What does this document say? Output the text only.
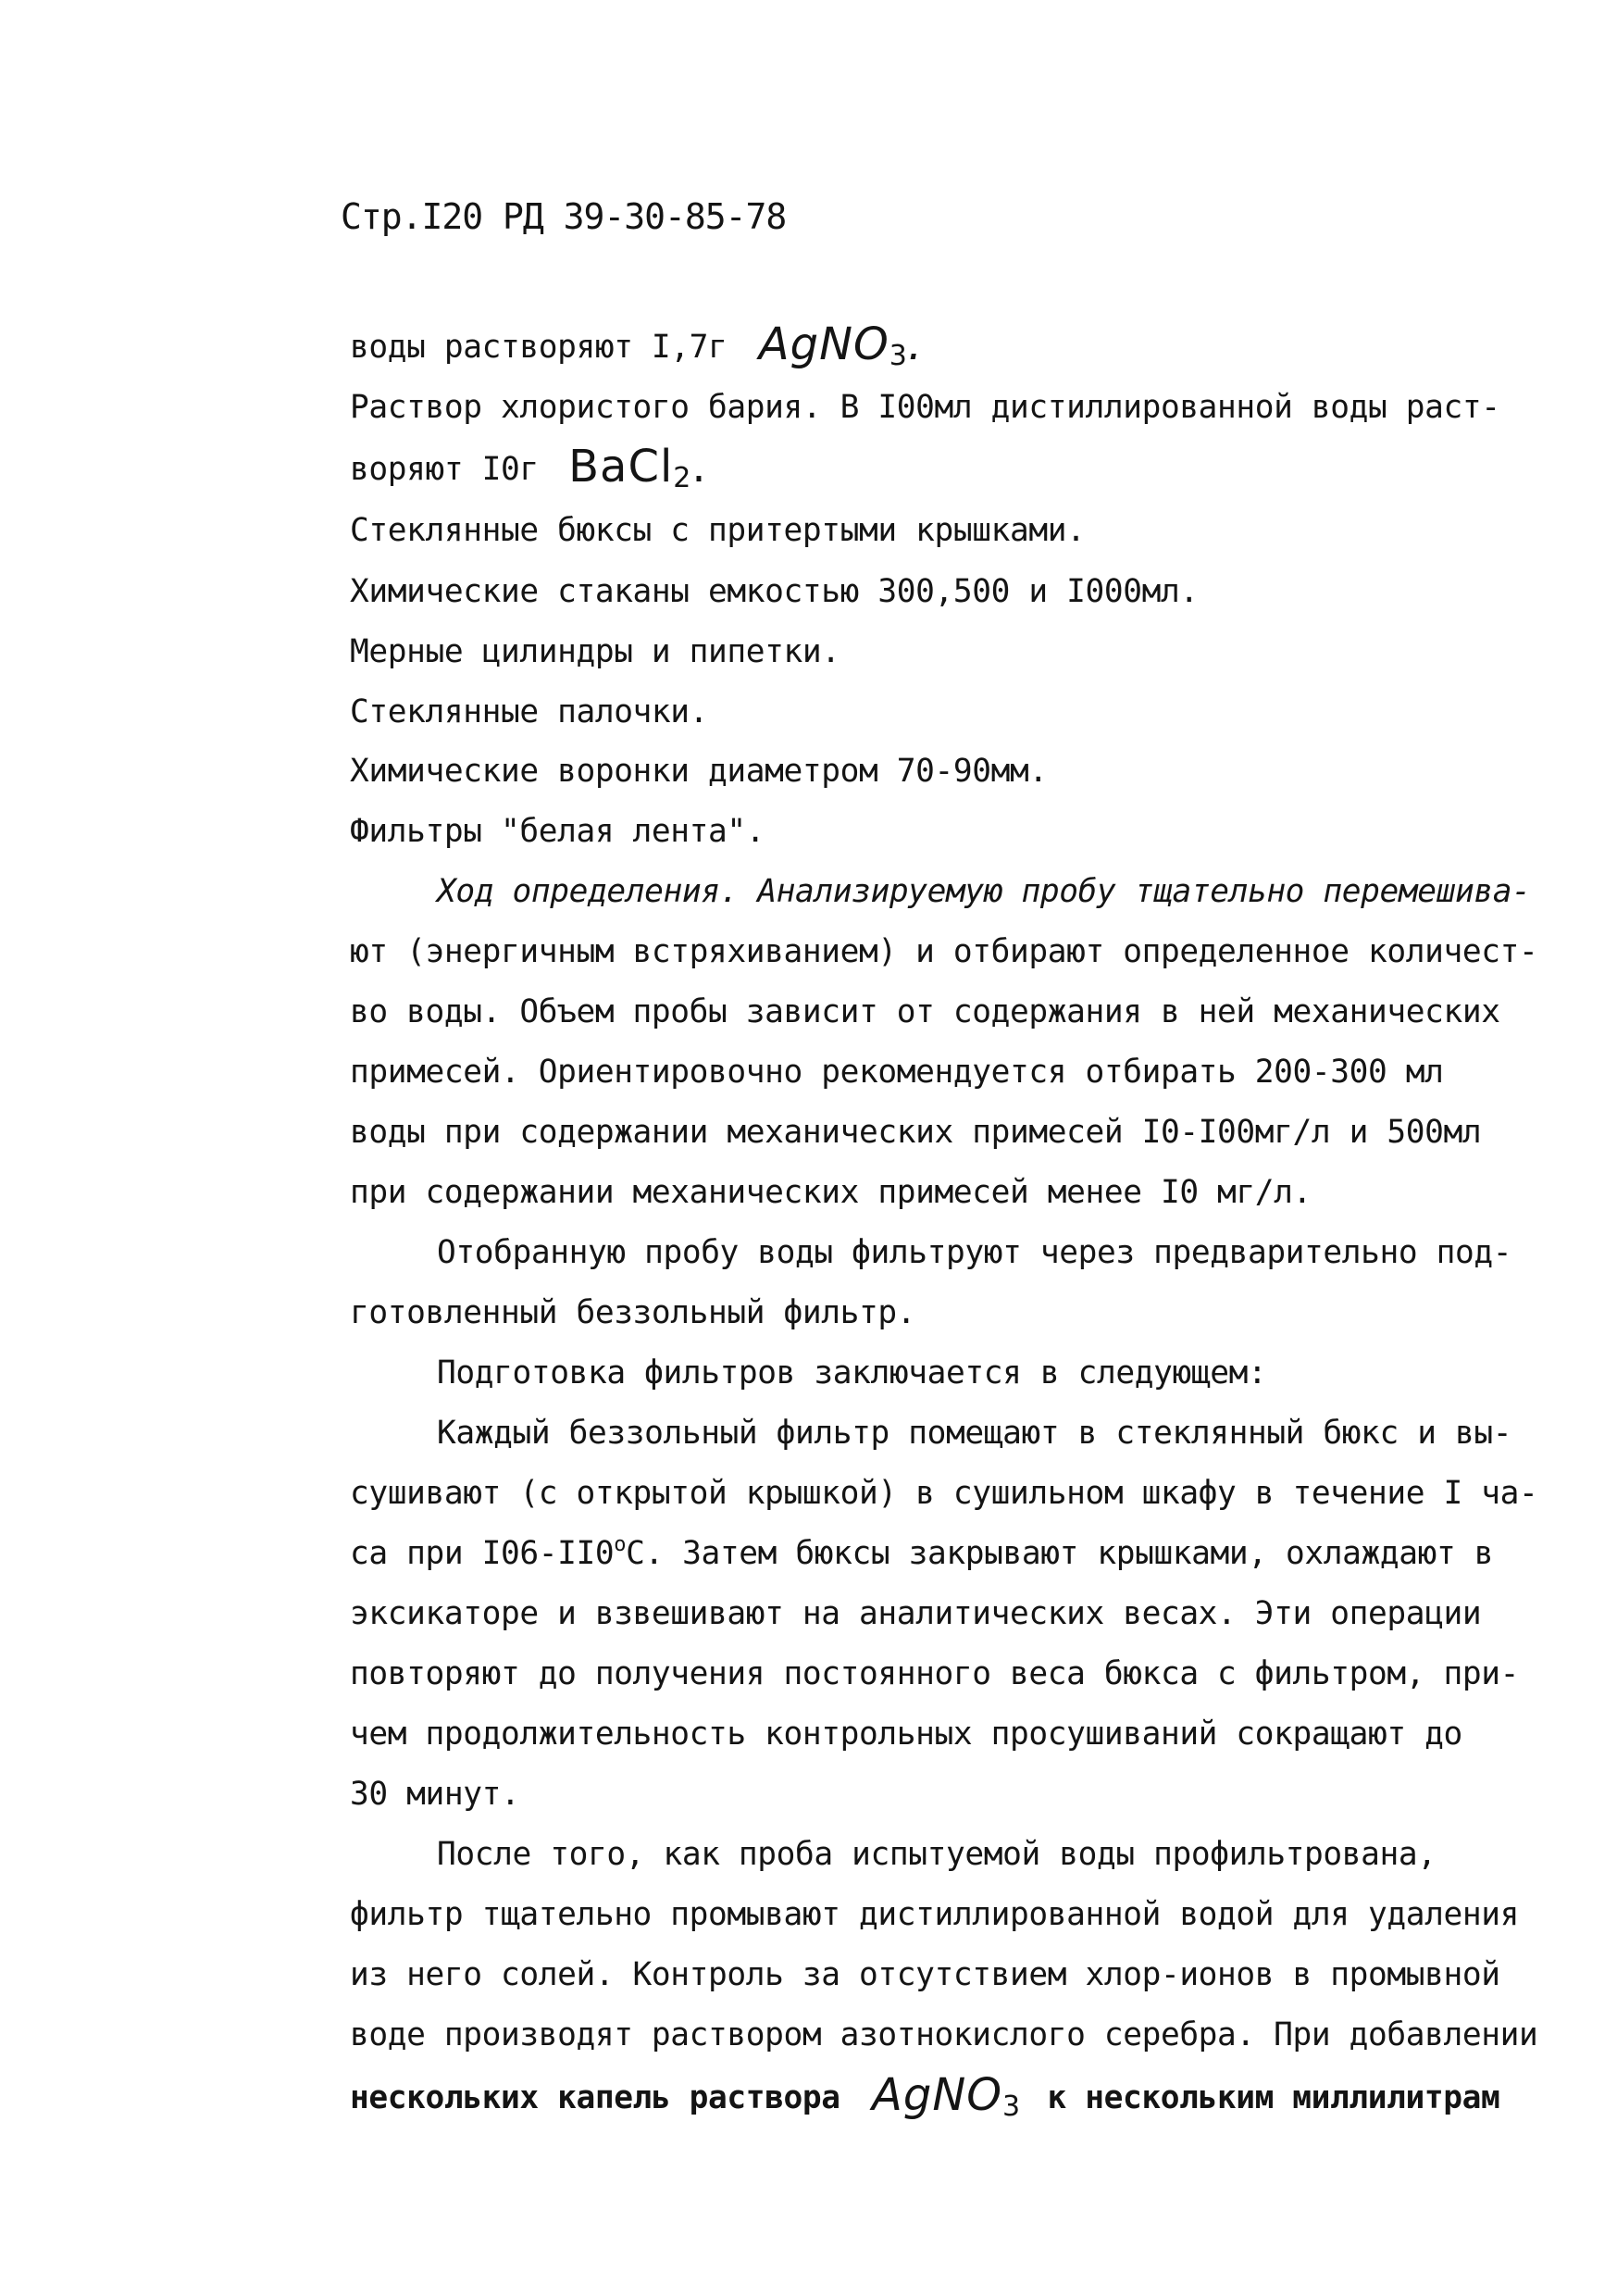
Стр.I20 РД 39-30-85-78
воды растворяют I,7г AgNO$_3$.
Раствор хлористого бария. В I00мл дистиллированной воды раст-
воряют I0г BaCl$_2$.
Стеклянные бюксы с притертыми крышками.
Химические стаканы емкостью 300,500 и I000мл.
Мерные цилиндры и пипетки.
Стеклянные палочки.
Химические воронки диаметром 70-90мм.
Фильтры "белая лента".
Ход определения. Анализируемую пробу тщательно перемешива-
ют (энергичным встряхиванием) и отбирают определенное количест-
во воды. Объем пробы зависит от содержания в ней механических
примесей. Ориентировочно рекомендуется отбирать 200-300 мл
воды при содержании механических примесей I0-I00мг/л и 500мл
при содержании механических примесей менее I0 мг/л.
Отобранную пробу воды фильтруют через предварительно под-
готовленный беззольный фильтр.
Подготовка фильтров заключается в следующем:
Каждый беззольный фильтр помещают в стеклянный бюкс и вы-
сушивают (с открытой крышкой) в сушильном шкафу в течение I ча-
са при $I06-II0^оС$. Затем бюксы закрывают крышками, охлаждают в
эксикаторе и взвешивают на аналитических весах. Эти операции
повторяют до получения постоянного веса бюкса с фильтром, при-
чем продолжительность контрольных просушиваний сокращают до
30 минут.
После того, как проба испытуемой воды профильтрована,
фильтр тщательно промывают дистиллированной водой для удаления
из него солей. Контроль за отсутствием хлор-ионов в промывной
воде производят раствором азотнокислого серебра. При добавлении
нескольких капель раствора AgNO$_3$ к нескольким миллилитрам
